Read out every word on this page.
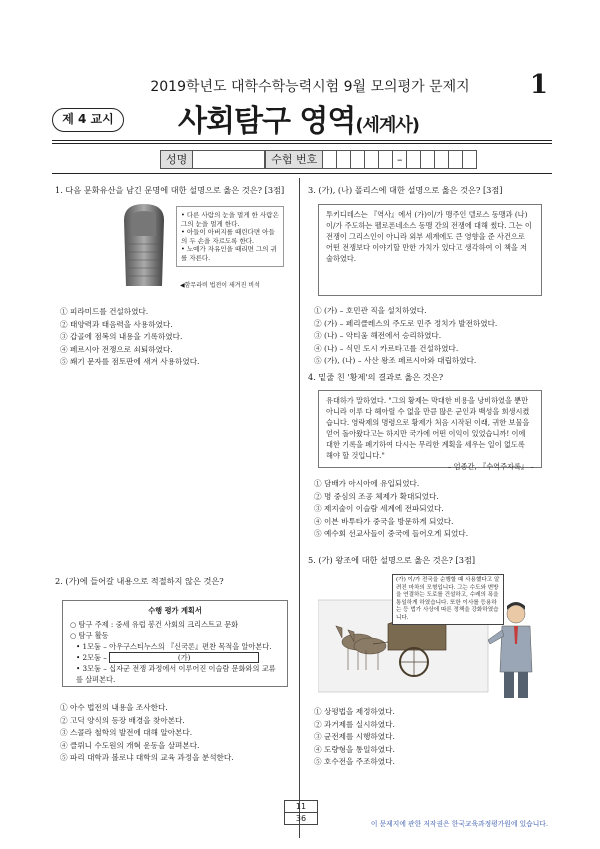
2019학년도 대학수학능력시험 9월 모의평가 문제지 1
제 4 교시	사회탐구 영역(세계사)
성명	수험 번호	–
1. 다음 문화유산을 남긴 문명에 대한 설명으로 옳은 것은? [3점]
• 다른 사람의 눈을 멀게 한 사람은 그의 눈을 멀게 한다.
• 아들이 아버지를 때린다면 아들의 두 손을 자르도록 한다.
• 노예가 자유인을 때리면 그의 귀를 자른다.
◀함무라비 법전이 새겨진 비석
① 피라미드를 건설하였다.
② 태양력과 태음력을 사용하였다.
③ 갑골에 점복의 내용을 기록하였다.
④ 페르시아 전쟁으로 쇠퇴하였다.
⑤ 쐐기 문자를 점토판에 새겨 사용하였다.
2. (가)에 들어갈 내용으로 적절하지 않은 것은?
수행 평가 계획서
○ 탐구 주제 : 중세 유럽 봉건 사회의 크리스트교 문화
○ 탐구 활동
• 1모둠 – 아우구스티누스의 『신국론』편찬 목적을 알아본다.
• 2모둠 –	(가)
• 3모둠 – 십자군 전쟁 과정에서 이루어진 이슬람 문화와의 교류를 살펴본다.
① 아수 법전의 내용을 조사한다.
② 고딕 양식의 등장 배경을 찾아본다.
③ 스콜라 철학의 발전에 대해 알아본다.
④ 클뤼니 수도원의 개혁 운동을 살펴본다.
⑤ 파리 대학과 볼로냐 대학의 교육 과정을 분석한다.
3. (가), (나) 폴리스에 대한 설명으로 옳은 것은? [3점]
투키디데스는 『역사』에서 (가)이/가 맹주인 델로스 동맹과 (나)이/가 주도하는 펠로폰네소스 동맹 간의 전쟁에 대해 썼다. 그는 이 전쟁이 그리스인이 아니라 외부 세계에도 큰 영향을 준 사건으로 어떤 전쟁보다 이야기할 만한 가치가 있다고 생각하여 이 책을 저술하였다.
① (가) – 호민관 직을 설치하였다.
② (가) – 페리클레스의 주도로 민주 정치가 발전하였다.
③ (나) – 악티움 해전에서 승리하였다.
④ (나) – 식민 도시 카르타고를 건설하였다.
⑤ (가), (나) – 사산 왕조 페르시아와 대립하였다.
4. 밑줄 친 '황제'의 결과로 옳은 것은?
유대하가 말하였다. "그의 황제는 막대한 비용을 낭비하였을 뿐만 아니라 이루 다 헤아릴 수 없을 만큼 많은 군인과 백성을 희생시켰습니다. 영락제의 명령으로 황제가 처음 시작된 이래, 귀한 보물을 얻어 돌아왔다고는 하지만 국가에 어떤 이익이 있었습니까! 이에 대한 기록을 폐기하여 다시는 무리한 계획을 세우는 일이 없도록 해야 할 것입니다."
– 엄종간, 『수역주자록』 –
① 담배가 아시아에 유입되었다.
② 명 중심의 조공 체제가 확대되었다.
③ 제지술이 이슬람 세계에 전파되었다.
④ 이븐 바투타가 중국을 방문하게 되었다.
⑤ 예수회 선교사들이 중국에 들어오게 되었다.
5. (가) 왕조에 대한 설명으로 옳은 것은? [3점]
(가) 이/가 전국을 순행할 때 사용했다고 알려진 마차의 모형입니다. 그는 수도와 변방을 연결하는 도로를 건설하고, 수레의 폭을 통일하게 하였습니다. 또한 이사를 등용하는 등 법가 사상에 따른 정책을 강화하였습니다.
① 상평법을 제정하였다.
② 과거제를 실시하였다.
③ 균전제를 시행하였다.
④ 도량형을 통일하였다.
⑤ 호수전을 주조하였다.
11
36
이 문제지에 관한 저작권은 한국교육과정평가원에 있습니다.
